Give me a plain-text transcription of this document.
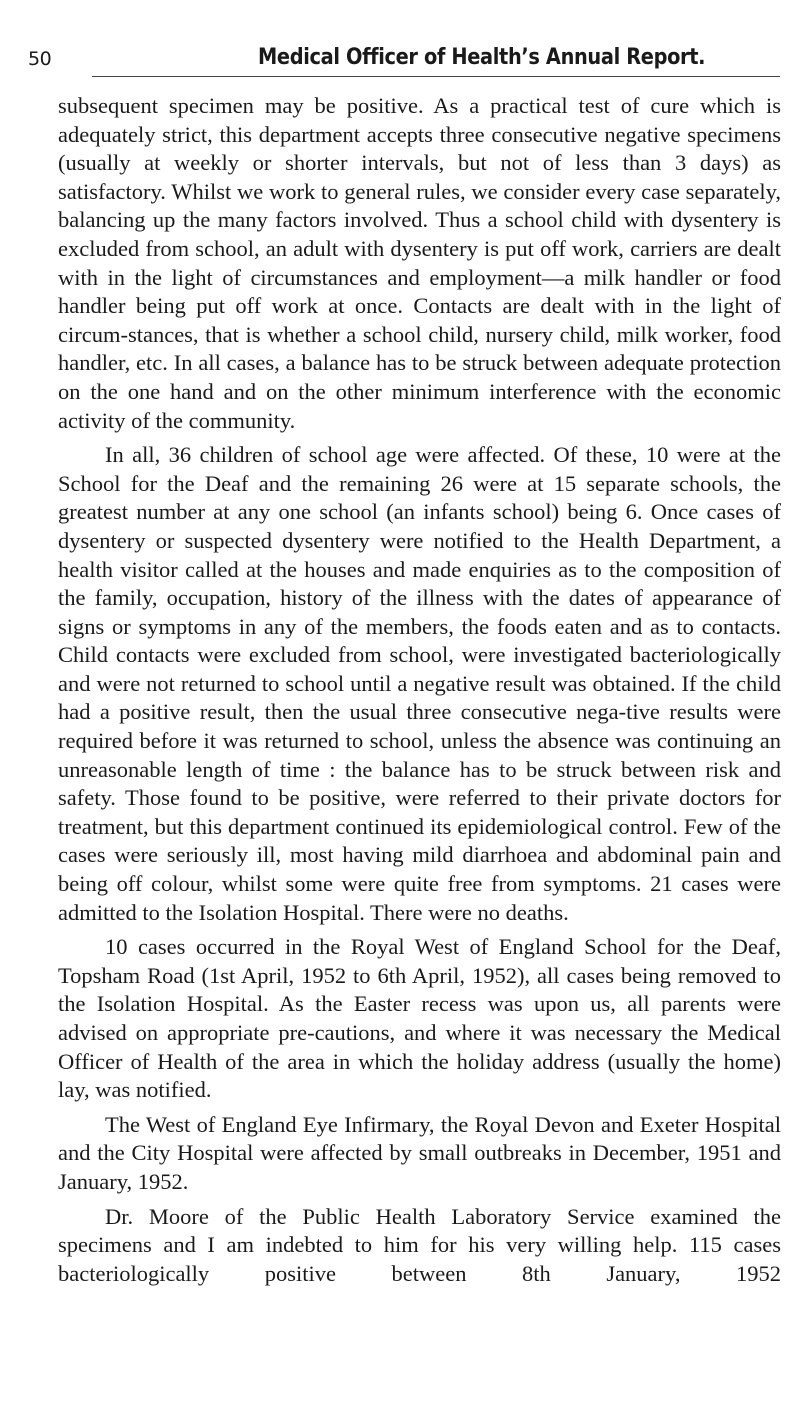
50	Medical Officer of Health’s Annual Report.

subsequent specimen may be positive. As a practical test of cure which is adequately strict, this department accepts three consecutive negative specimens (usually at weekly or shorter intervals, but not of less than 3 days) as satisfactory. Whilst we work to general rules, we consider every case separately, balancing up the many factors involved. Thus a school child with dysentery is excluded from school, an adult with dysentery is put off work, carriers are dealt with in the light of circumstances and employment—a milk handler or food handler being put off work at once. Contacts are dealt with in the light of circum-stances, that is whether a school child, nursery child, milk worker, food handler, etc. In all cases, a balance has to be struck between adequate protection on the one hand and on the other minimum interference with the economic activity of the community.

In all, 36 children of school age were affected. Of these, 10 were at the School for the Deaf and the remaining 26 were at 15 separate schools, the greatest number at any one school (an infants school) being 6. Once cases of dysentery or suspected dysentery were notified to the Health Department, a health visitor called at the houses and made enquiries as to the composition of the family, occupation, history of the illness with the dates of appearance of signs or symptoms in any of the members, the foods eaten and as to contacts. Child contacts were excluded from school, were investigated bacteriologically and were not returned to school until a negative result was obtained. If the child had a positive result, then the usual three consecutive nega-tive results were required before it was returned to school, unless the absence was continuing an unreasonable length of time : the balance has to be struck between risk and safety. Those found to be positive, were referred to their private doctors for treatment, but this department continued its epidemiological control. Few of the cases were seriously ill, most having mild diarrhoea and abdominal pain and being off colour, whilst some were quite free from symptoms. 21 cases were admitted to the Isolation Hospital. There were no deaths.

10 cases occurred in the Royal West of England School for the Deaf, Topsham Road (1st April, 1952 to 6th April, 1952), all cases being removed to the Isolation Hospital. As the Easter recess was upon us, all parents were advised on appropriate pre-cautions, and where it was necessary the Medical Officer of Health of the area in which the holiday address (usually the home) lay, was notified.

The West of England Eye Infirmary, the Royal Devon and Exeter Hospital and the City Hospital were affected by small outbreaks in December, 1951 and January, 1952.

Dr. Moore of the Public Health Laboratory Service examined the specimens and I am indebted to him for his very willing help. 115 cases bacteriologically positive between 8th January, 1952
